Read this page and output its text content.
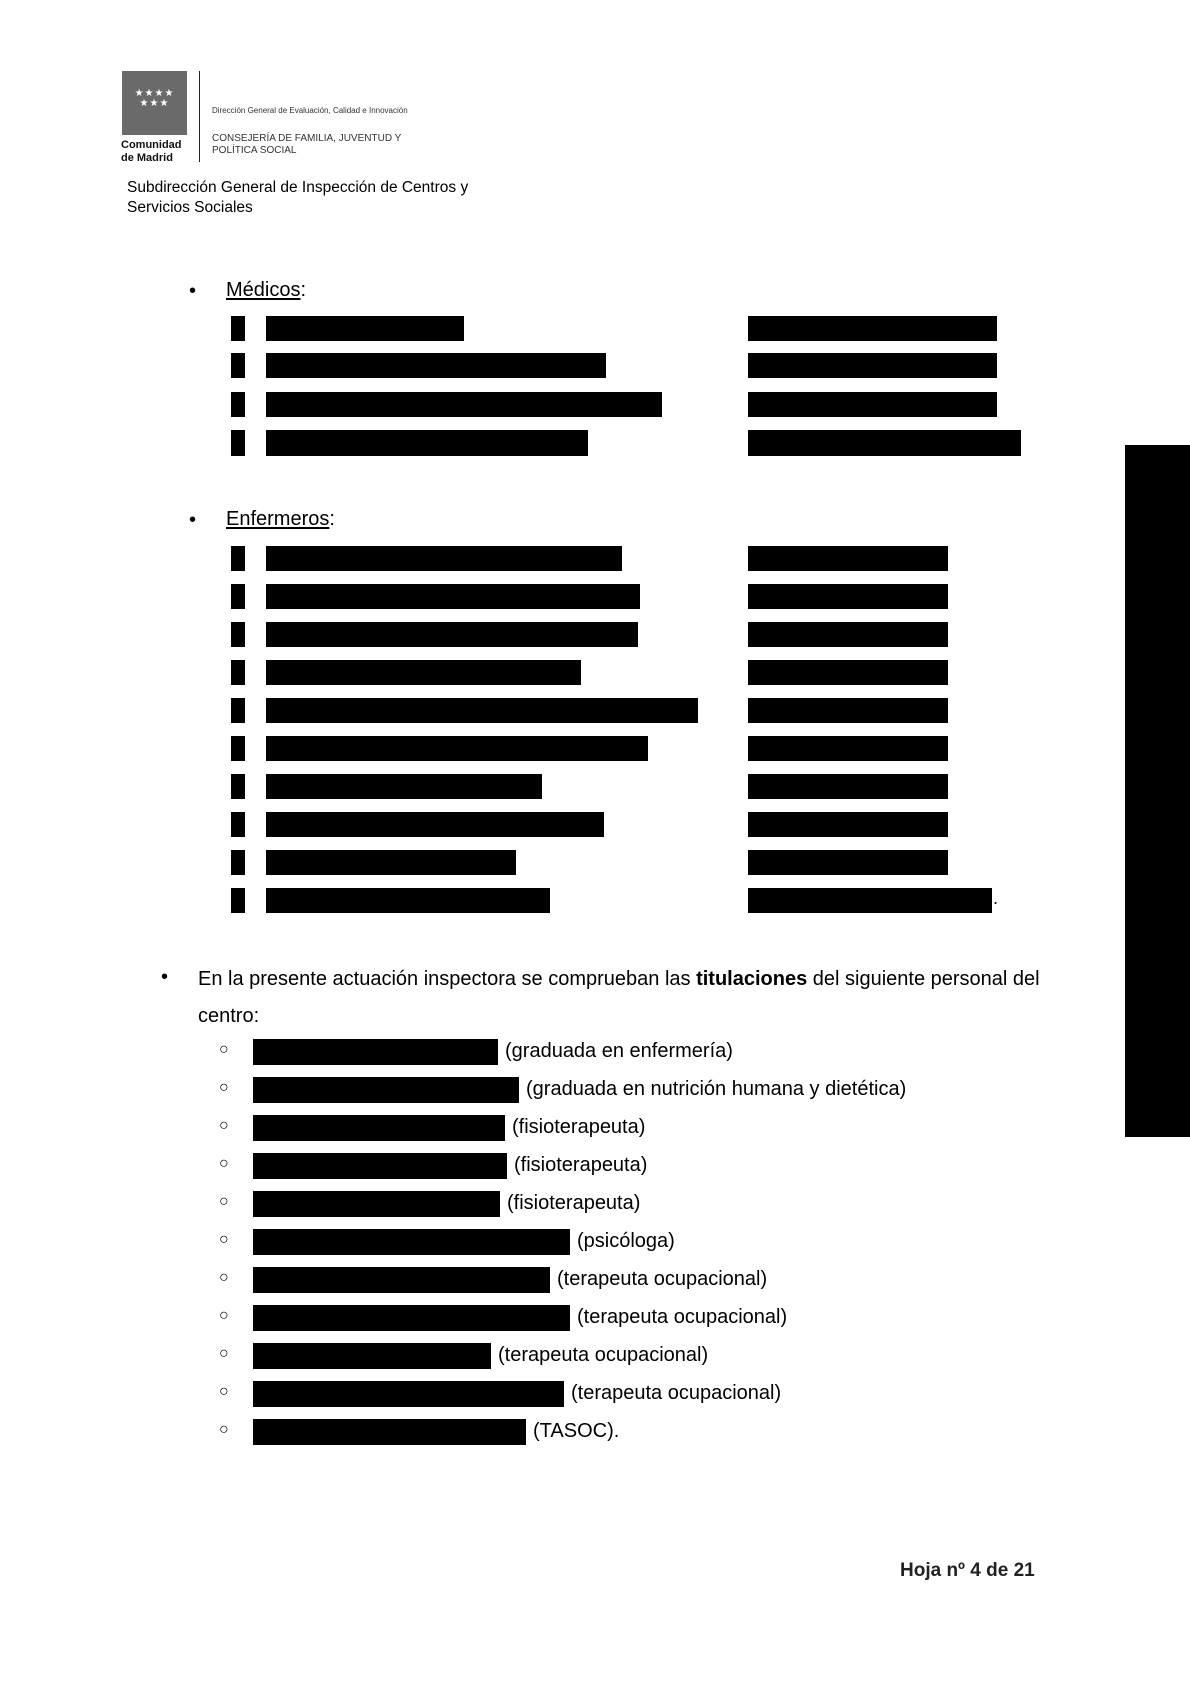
★★★★ ★★★
Comunidad
de Madrid
Dirección General de Evaluación, Calidad e Innovación
CONSEJERÍA DE FAMILIA, JUVENTUD Y POLÍTICA SOCIAL
Subdirección General de Inspección de Centros y Servicios Sociales
• Médicos:
• Enfermeros:
.
• En la presente actuación inspectora se comprueban las titulaciones del siguiente personal del centro:
○	(graduada en enfermería)
○	(graduada en nutrición humana y dietética)
○	(fisioterapeuta)
○	(fisioterapeuta)
○	(fisioterapeuta)
○	(psicóloga)
○	(terapeuta ocupacional)
○	(terapeuta ocupacional)
○	(terapeuta ocupacional)
○	(terapeuta ocupacional)
○	(TASOC).
Hoja nº 4 de 21
